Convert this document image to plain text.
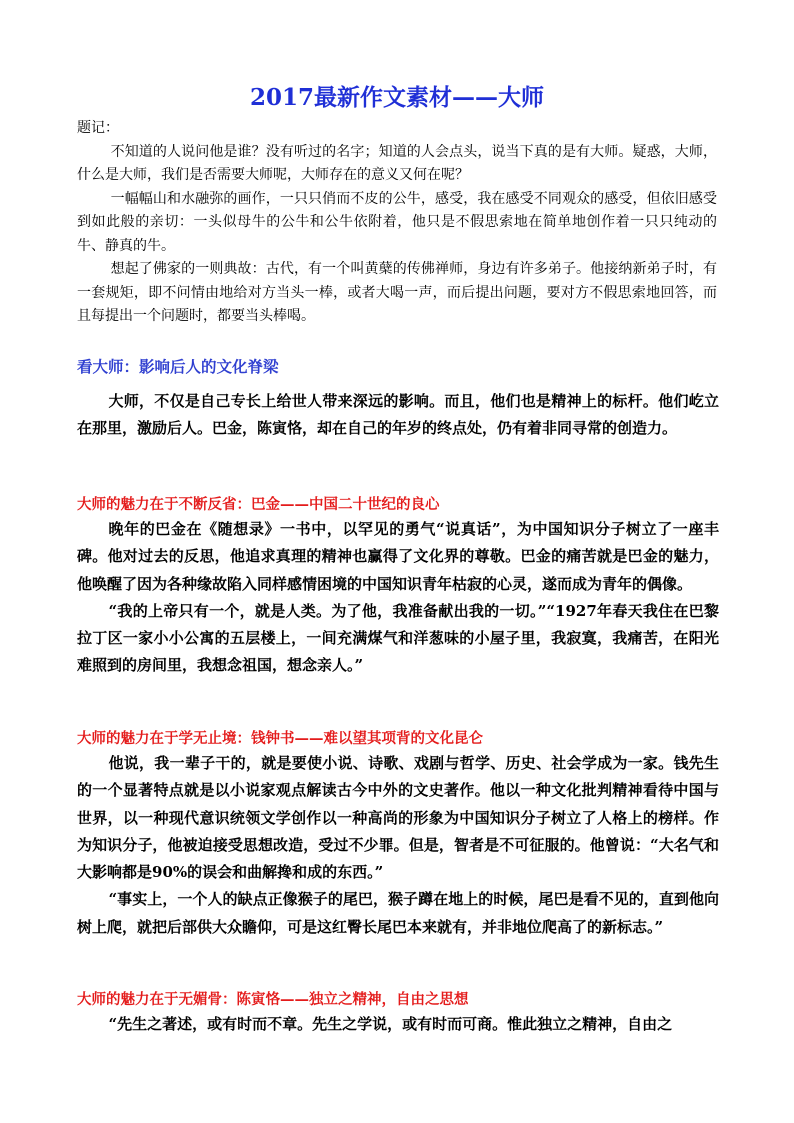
2017最新作文素材——大师

题记：

不知道的人说问他是谁？没有听过的名字；知道的人会点头，说当下真的是有大师。疑惑，大师，什么是大师，我们是否需要大师呢，大师存在的意义又何在呢？

一幅幅山和水融弥的画作，一只只俏而不皮的公牛，感受，我在感受不同观众的感受，但依旧感受到如此般的亲切：一头似母牛的公牛和公牛依附着，他只是不假思索地在简单地创作着一只只纯动的牛、静真的牛。

想起了佛家的一则典故：古代，有一个叫黄蘖的传佛禅师，身边有许多弟子。他接纳新弟子时，有一套规矩，即不问情由地给对方当头一棒，或者大喝一声，而后提出问题，要对方不假思索地回答，而且每提出一个问题时，都要当头棒喝。

看大师：影响后人的文化脊梁

大师，不仅是自己专长上给世人带来深远的影响。而且，他们也是精神上的标杆。他们屹立在那里，激励后人。巴金，陈寅恪，却在自己的年岁的终点处，仍有着非同寻常的创造力。

大师的魅力在于不断反省：巴金——中国二十世纪的良心

晚年的巴金在《随想录》一书中，以罕见的勇气“说真话”，为中国知识分子树立了一座丰碑。他对过去的反思，他追求真理的精神也赢得了文化界的尊敬。巴金的痛苦就是巴金的魅力，他唤醒了因为各种缘故陷入同样感情困境的中国知识青年枯寂的心灵，遂而成为青年的偶像。

“我的上帝只有一个，就是人类。为了他，我准备献出我的一切。”“1927年春天我住在巴黎拉丁区一家小小公寓的五层楼上，一间充满煤气和洋葱味的小屋子里，我寂寞，我痛苦，在阳光难照到的房间里，我想念祖国，想念亲人。”

大师的魅力在于学无止境：钱钟书——难以望其项背的文化昆仑

他说，我一辈子干的，就是要使小说、诗歌、戏剧与哲学、历史、社会学成为一家。钱先生的一个显著特点就是以小说家观点解读古今中外的文史著作。他以一种文化批判精神看待中国与世界，以一种现代意识统领文学创作以一种高尚的形象为中国知识分子树立了人格上的榜样。作为知识分子，他被迫接受思想改造，受过不少罪。但是，智者是不可征服的。他曾说：“大名气和大影响都是90%的误会和曲解搀和成的东西。”

“事实上，一个人的缺点正像猴子的尾巴，猴子蹲在地上的时候，尾巴是看不见的，直到他向树上爬，就把后部供大众瞻仰，可是这红臀长尾巴本来就有，并非地位爬高了的新标志。”

大师的魅力在于无媚骨：陈寅恪——独立之精神，自由之思想

“先生之著述，或有时而不章。先生之学说，或有时而可商。惟此独立之精神，自由之
